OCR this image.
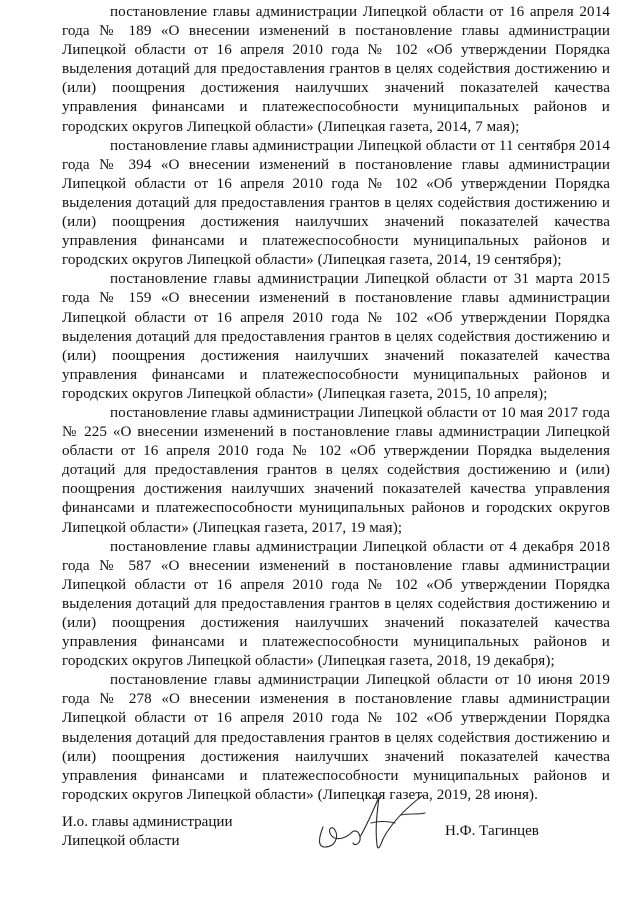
постановление главы администрации Липецкой области от 16 апреля 2014 года № 189 «О внесении изменений в постановление главы администрации Липецкой области от 16 апреля 2010 года № 102 «Об утверждении Порядка выделения дотаций для предоставления грантов в целях содействия достижению и (или) поощрения достижения наилучших значений показателей качества управления финансами и платежеспособности муниципальных районов и городских округов Липецкой области» (Липецкая газета, 2014, 7 мая);

постановление главы администрации Липецкой области от 11 сентября 2014 года № 394 «О внесении изменений в постановление главы администрации Липецкой области от 16 апреля 2010 года № 102 «Об утверждении Порядка выделения дотаций для предоставления грантов в целях содействия достижению и (или) поощрения достижения наилучших значений показателей качества управления финансами и платежеспособности муниципальных районов и городских округов Липецкой области» (Липецкая газета, 2014, 19 сентября);

постановление главы администрации Липецкой области от 31 марта 2015 года № 159 «О внесении изменений в постановление главы администрации Липецкой области от 16 апреля 2010 года № 102 «Об утверждении Порядка выделения дотаций для предоставления грантов в целях содействия достижению и (или) поощрения достижения наилучших значений показателей качества управления финансами и платежеспособности муниципальных районов и городских округов Липецкой области» (Липецкая газета, 2015, 10 апреля);

постановление главы администрации Липецкой области от 10 мая 2017 года № 225 «О внесении изменений в постановление главы администрации Липецкой области от 16 апреля 2010 года № 102 «Об утверждении Порядка выделения дотаций для предоставления грантов в целях содействия достижению и (или) поощрения достижения наилучших значений показателей качества управления финансами и платежеспособности муниципальных районов и городских округов Липецкой области» (Липецкая газета, 2017, 19 мая);

постановление главы администрации Липецкой области от 4 декабря 2018 года № 587 «О внесении изменений в постановление главы администрации Липецкой области от 16 апреля 2010 года № 102 «Об утверждении Порядка выделения дотаций для предоставления грантов в целях содействия достижению и (или) поощрения достижения наилучших значений показателей качества управления финансами и платежеспособности муниципальных районов и городских округов Липецкой области» (Липецкая газета, 2018, 19 декабря);

постановление главы администрации Липецкой области от 10 июня 2019 года № 278 «О внесении изменения в постановление главы администрации Липецкой области от 16 апреля 2010 года № 102 «Об утверждении Порядка выделения дотаций для предоставления грантов в целях содействия достижению и (или) поощрения достижения наилучших значений показателей качества управления финансами и платежеспособности муниципальных районов и городских округов Липецкой области» (Липецкая газета, 2019, 28 июня).

И.о. главы администрации
Липецкой области
Н.Ф. Тагинцев
